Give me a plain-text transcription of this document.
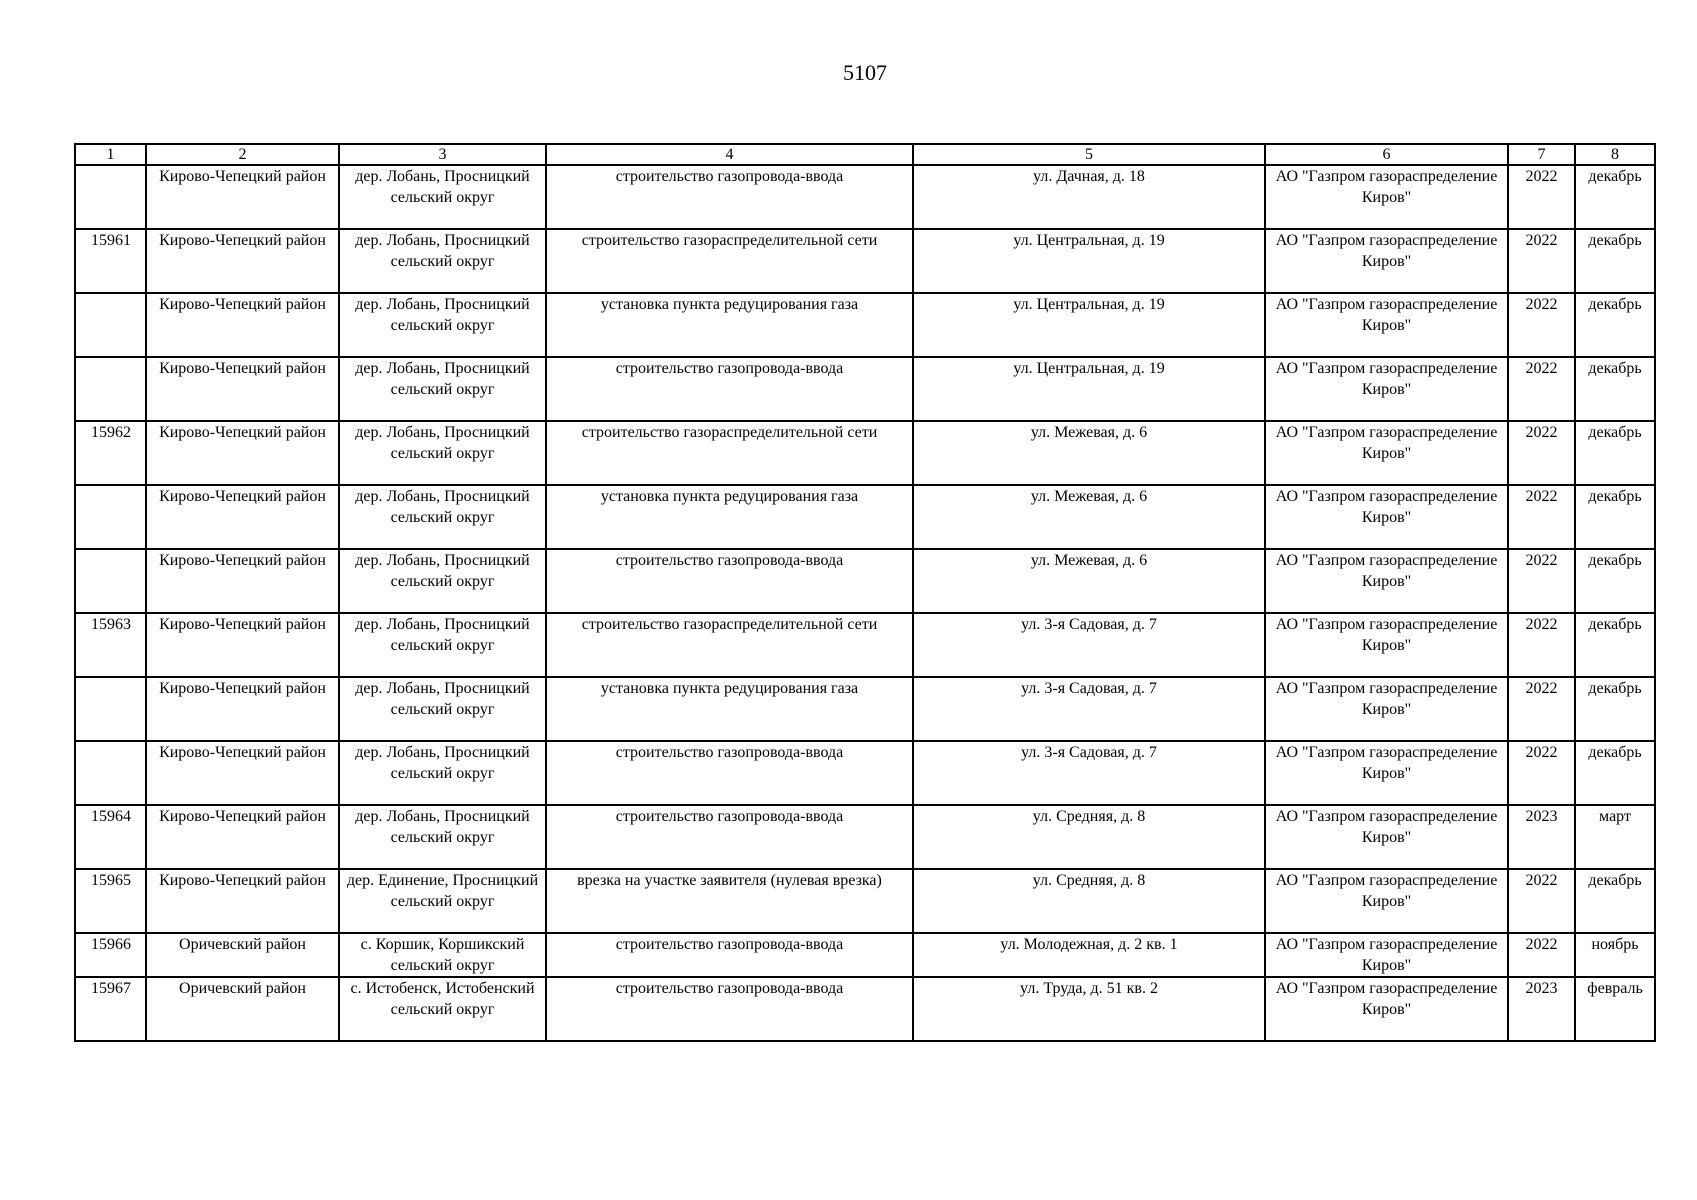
5107
1	2	3	4	5	6	7	8
	Кирово-Чепецкий район	дер. Лобань, Просницкий сельский округ	строительство газопровода-ввода	ул. Дачная, д. 18	АО "Газпром газораспределение Киров"	2022	декабрь
15961	Кирово-Чепецкий район	дер. Лобань, Просницкий сельский округ	строительство газораспределительной сети	ул. Центральная, д. 19	АО "Газпром газораспределение Киров"	2022	декабрь
	Кирово-Чепецкий район	дер. Лобань, Просницкий сельский округ	установка пункта редуцирования газа	ул. Центральная, д. 19	АО "Газпром газораспределение Киров"	2022	декабрь
	Кирово-Чепецкий район	дер. Лобань, Просницкий сельский округ	строительство газопровода-ввода	ул. Центральная, д. 19	АО "Газпром газораспределение Киров"	2022	декабрь
15962	Кирово-Чепецкий район	дер. Лобань, Просницкий сельский округ	строительство газораспределительной сети	ул. Межевая, д. 6	АО "Газпром газораспределение Киров"	2022	декабрь
	Кирово-Чепецкий район	дер. Лобань, Просницкий сельский округ	установка пункта редуцирования газа	ул. Межевая, д. 6	АО "Газпром газораспределение Киров"	2022	декабрь
	Кирово-Чепецкий район	дер. Лобань, Просницкий сельский округ	строительство газопровода-ввода	ул. Межевая, д. 6	АО "Газпром газораспределение Киров"	2022	декабрь
15963	Кирово-Чепецкий район	дер. Лобань, Просницкий сельский округ	строительство газораспределительной сети	ул. 3-я Садовая, д. 7	АО "Газпром газораспределение Киров"	2022	декабрь
	Кирово-Чепецкий район	дер. Лобань, Просницкий сельский округ	установка пункта редуцирования газа	ул. 3-я Садовая, д. 7	АО "Газпром газораспределение Киров"	2022	декабрь
	Кирово-Чепецкий район	дер. Лобань, Просницкий сельский округ	строительство газопровода-ввода	ул. 3-я Садовая, д. 7	АО "Газпром газораспределение Киров"	2022	декабрь
15964	Кирово-Чепецкий район	дер. Лобань, Просницкий сельский округ	строительство газопровода-ввода	ул. Средняя, д. 8	АО "Газпром газораспределение Киров"	2023	март
15965	Кирово-Чепецкий район	дер. Единение, Просницкий сельский округ	врезка на участке заявителя (нулевая врезка)	ул. Средняя, д. 8	АО "Газпром газораспределение Киров"	2022	декабрь
15966	Оричевский район	с. Коршик, Коршикский сельский округ	строительство газопровода-ввода	ул. Молодежная, д. 2 кв. 1	АО "Газпром газораспределение Киров"	2022	ноябрь
15967	Оричевский район	с. Истобенск, Истобенский сельский округ	строительство газопровода-ввода	ул. Труда, д. 51 кв. 2	АО "Газпром газораспределение Киров"	2023	февраль
